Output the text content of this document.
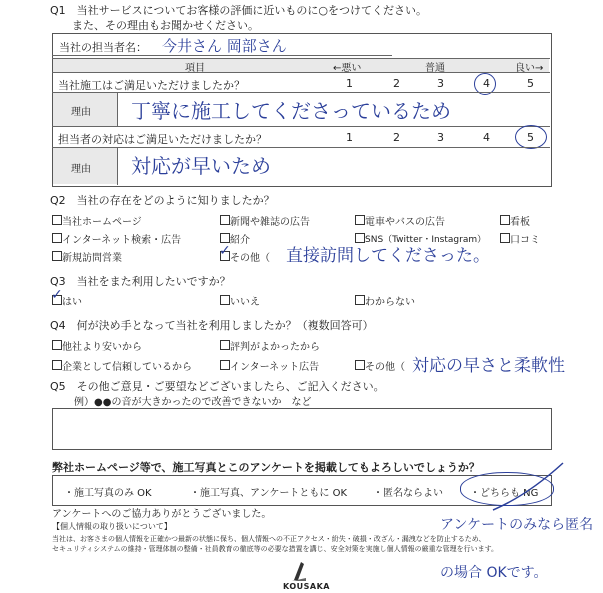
Q1　当社サービスについてお客様の評価に近いものに○をつけてください。
また、その理由もお聞かせください。
当社の担当者名： 今井さん 岡部さん
項目	←悪い	普通	良い→
当社施工はご満足いただけましたか？	1	2	3	4	5
理由 丁寧に施工してくださっているため
担当者の対応はご満足いただけましたか？	1	2	3	4	5
理由 対応が早いため
Q2　当社の存在をどのように知りましたか？
当社ホームページ	新聞や雑誌の広告	電車やバスの広告	看板
インターネット検索・広告	紹介	SNS（Twitter・Instagram） 口コミ
新規訪問営業	✓ その他（ 直接訪問してくださった。
Q3　当社をまた利用したいですか？
✓ はい	いいえ	わからない
Q4　何が決め手となって当社を利用しましたか？（複数回答可）
他社より安いから	評判がよかったから
企業として信頼しているから	インターネット広告	その他（ 対応の早さと柔軟性
Q5　その他ご意見・ご要望などございましたら、ご記入ください。
例）●●の音が大きかったので改善できないか　など
弊社ホームページ等で、施工写真とこのアンケートを掲載してもよろしいでしょうか？
・施工写真のみ OK	・施工写真、アンケートともに OK	・匿名ならよい	・どちらも NG
アンケートへのご協力ありがとうございました。
アンケートのみなら匿名
の場合 OKです。
【個人情報の取り扱いについて】
当社は、お客さまの個人情報を正確かつ最新の状態に保ち、個人情報への不正アクセス・紛失・破損・改ざん・漏洩などを防止するため、
セキュリティシステムの維持・管理体制の整備・社員教育の徹底等の必要な措置を講じ、安全対策を実施し個人情報の厳重な管理を行います。
KOUSAKA
